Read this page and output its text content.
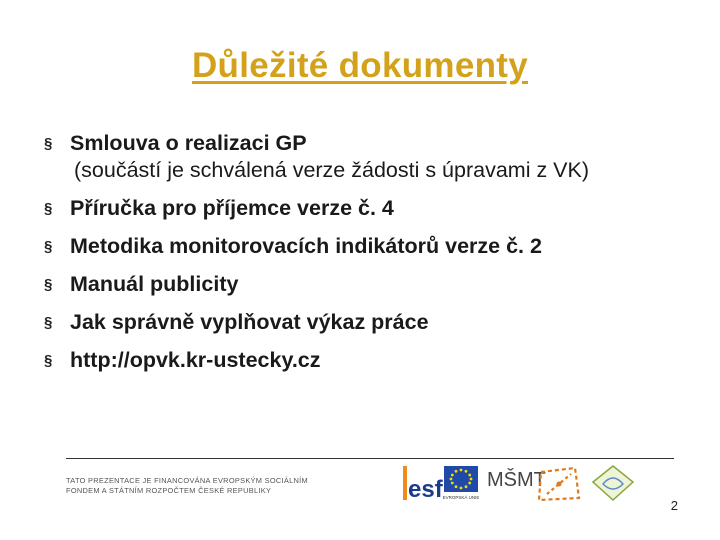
Důležité dokumenty
§ Smlouva o realizaci GP
(součástí je schválená verze žádosti s úpravami z VK)
§ Příručka pro příjemce verze č. 4
§ Metodika monitorovacích indikátorů verze č. 2
§ Manuál publicity
§ Jak správně vyplňovat výkaz práce
§ http://opvk.kr-ustecky.cz
TATO PREZENTACE JE FINANCOVÁNA EVROPSKÝM SOCIÁLNÍM
FONDEM A STÁTNÍM ROZPOČTEM ČESKÉ REPUBLIKY	esf EVROPSKÁ UNIE
MŠMT
2
